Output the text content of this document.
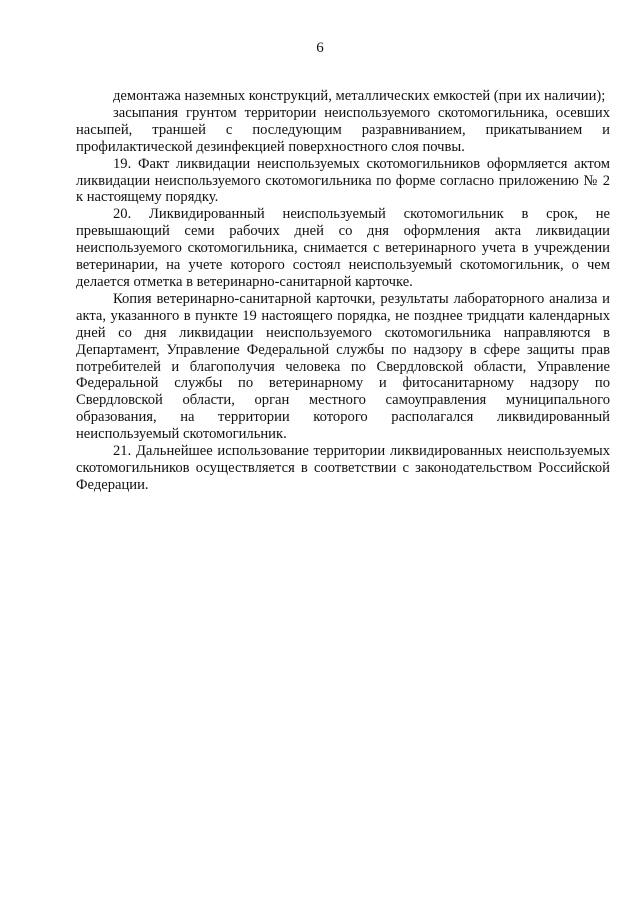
6

демонтажа наземных конструкций, металлических емкостей (при их наличии);

засыпания грунтом территории неиспользуемого скотомогильника, осевших насыпей, траншей с последующим разравниванием, прикатыванием и профилактической дезинфекцией поверхностного слоя почвы.

19. Факт ликвидации неиспользуемых скотомогильников оформляется актом ликвидации неиспользуемого скотомогильника по форме согласно приложению № 2 к настоящему порядку.

20. Ликвидированный неиспользуемый скотомогильник в срок, не превышающий семи рабочих дней со дня оформления акта ликвидации неиспользуемого скотомогильника, снимается с ветеринарного учета в учреждении ветеринарии, на учете которого состоял неиспользуемый скотомогильник, о чем делается отметка в ветеринарно-санитарной карточке.

Копия ветеринарно-санитарной карточки, результаты лабораторного анализа и акта, указанного в пункте 19 настоящего порядка, не позднее тридцати календарных дней со дня ликвидации неиспользуемого скотомогильника направляются в Департамент, Управление Федеральной службы по надзору в сфере защиты прав потребителей и благополучия человека по Свердловской области, Управление Федеральной службы по ветеринарному и фитосанитарному надзору по Свердловской области, орган местного самоуправления муниципального образования, на территории которого располагался ликвидированный неиспользуемый скотомогильник.

21. Дальнейшее использование территории ликвидированных неиспользуемых скотомогильников осуществляется в соответствии с законодательством Российской Федерации.
